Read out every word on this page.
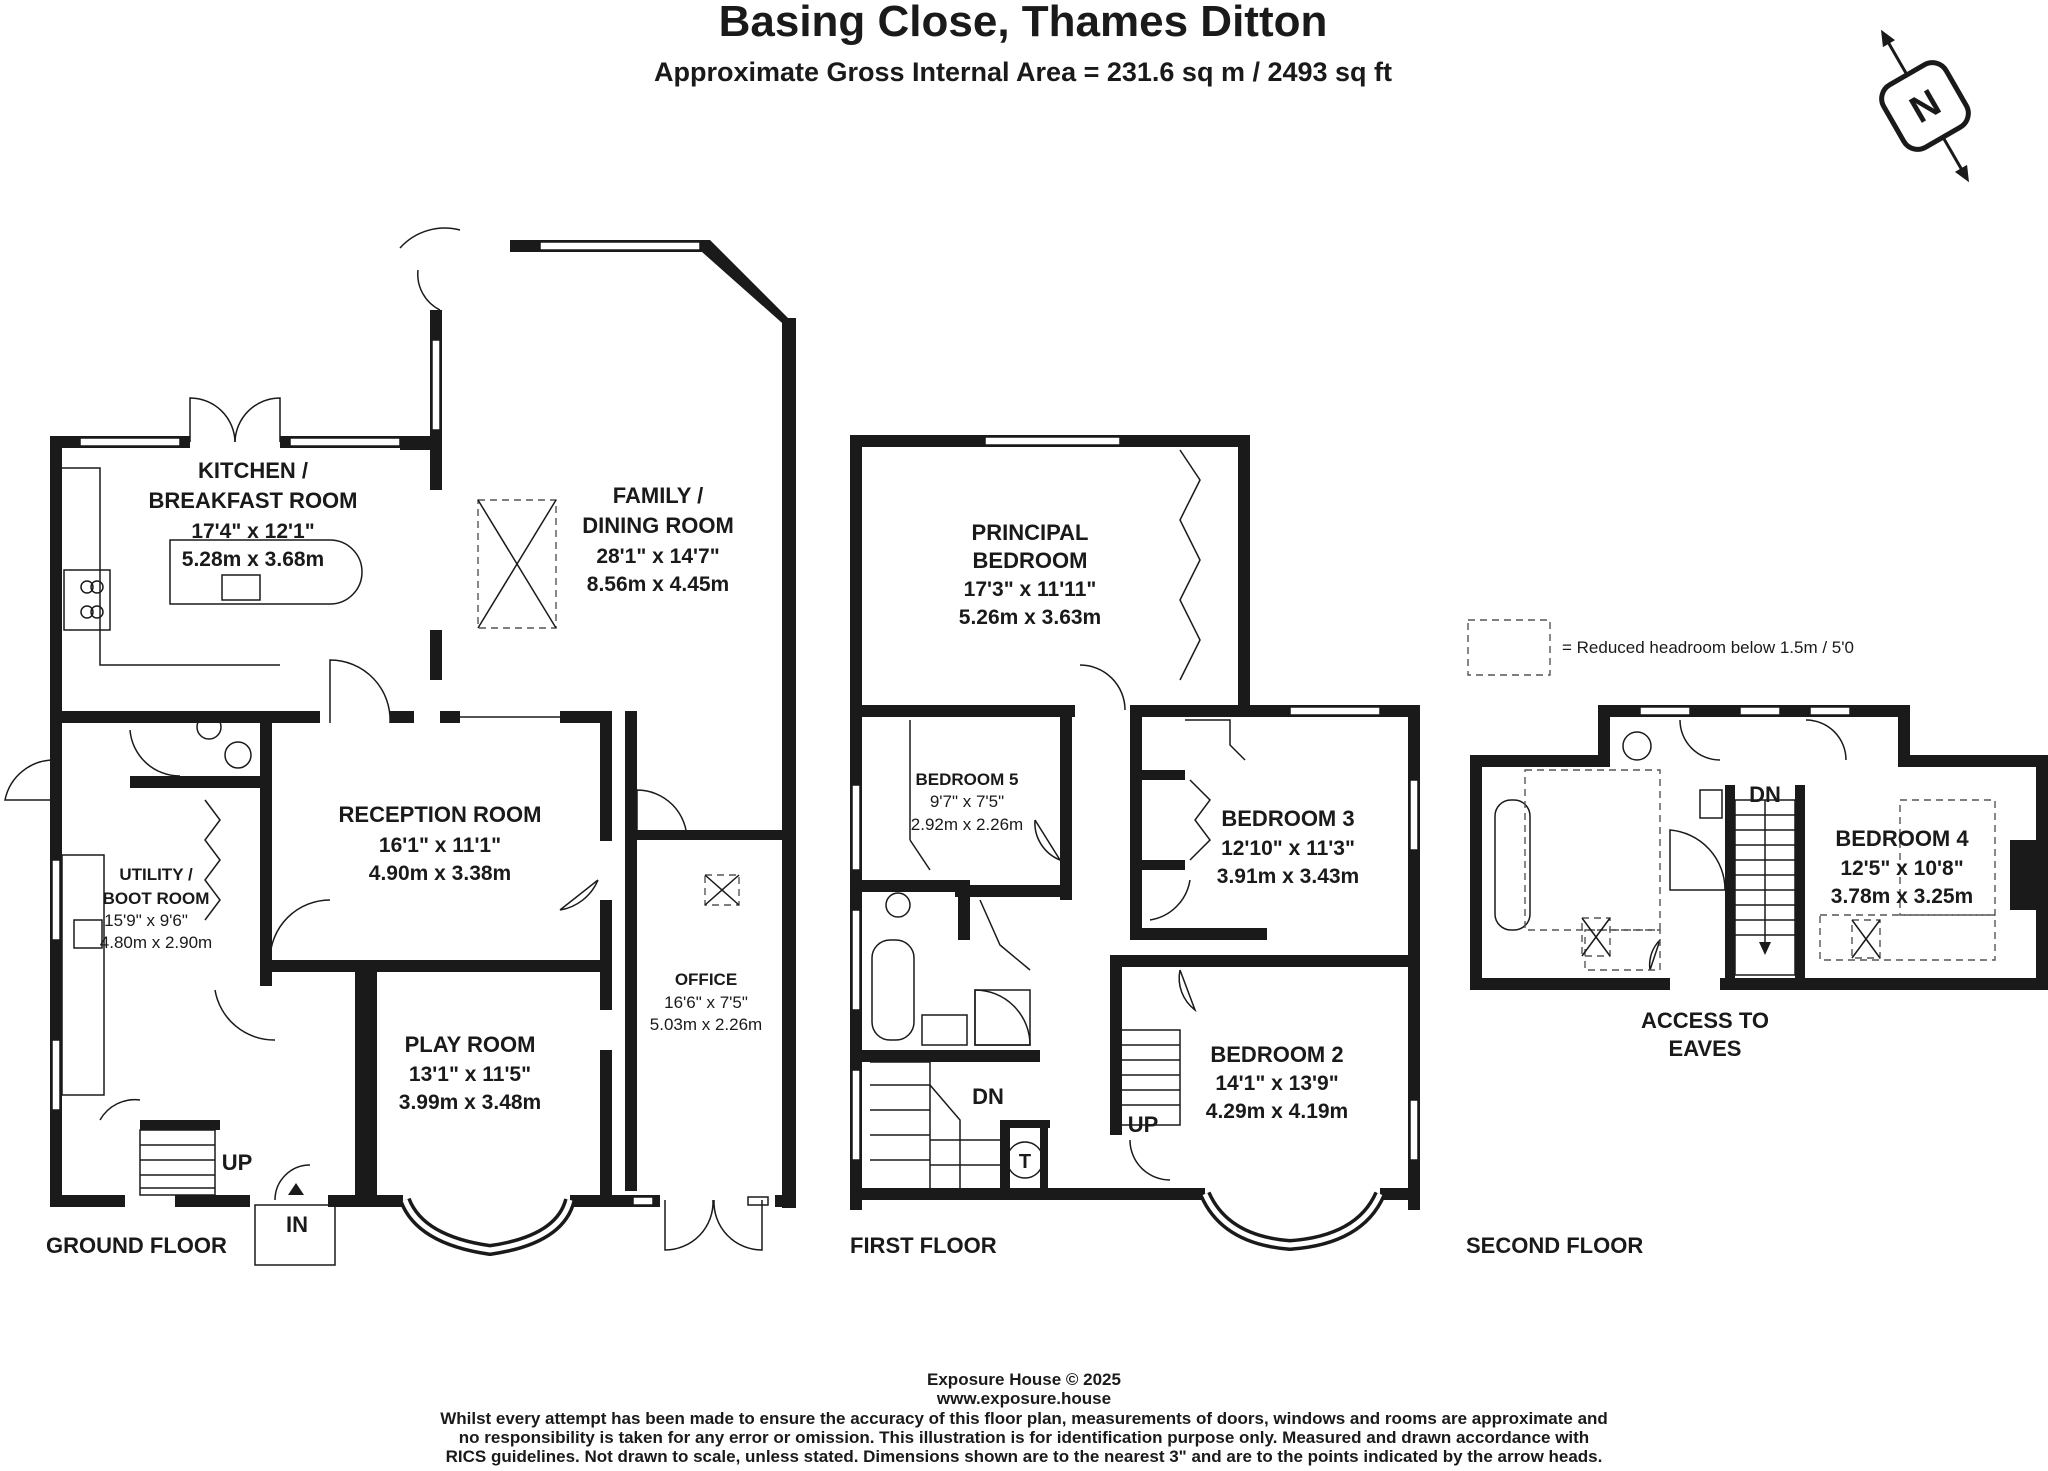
Basing Close, Thames Ditton
Approximate Gross Internal Area = 231.6 sq m / 2493 sq ft
N
KITCHEN /
BREAKFAST ROOM
17'4" x 12'1"
5.28m x 3.68m
FAMILY /
DINING ROOM
28'1" x 14'7"
8.56m x 4.45m
RECEPTION ROOM
16'1" x 11'1"
4.90m x 3.38m
UTILITY /
BOOT ROOM
15'9" x 9'6"
4.80m x 2.90m
PLAY ROOM
13'1" x 11'5"
3.99m x 3.48m
OFFICE
16'6" x 7'5"
5.03m x 2.26m
UP
IN
GROUND FLOOR
PRINCIPAL
BEDROOM
17'3" x 11'11"
5.26m x 3.63m
BEDROOM 5
9'7" x 7'5"
2.92m x 2.26m	BEDROOM 3
12'10" x 11'3"
3.91m x 3.43m
BEDROOM 2
14'1" x 13'9"
4.29m x 4.19m
DN
UP
T
FIRST FLOOR
BEDROOM 4
12'5" x 10'8"
3.78m x 3.25m
DN
ACCESS TO
EAVES
SECOND FLOOR
= Reduced headroom below 1.5m / 5'0
Exposure House © 2025
www.exposure.house
Whilst every attempt has been made to ensure the accuracy of this floor plan, measurements of doors, windows and rooms are approximate and
no responsibility is taken for any error or omission. This illustration is for identification purpose only. Measured and drawn accordance with
RICS guidelines. Not drawn to scale, unless stated. Dimensions shown are to the nearest 3" and are to the points indicated by the arrow heads.
